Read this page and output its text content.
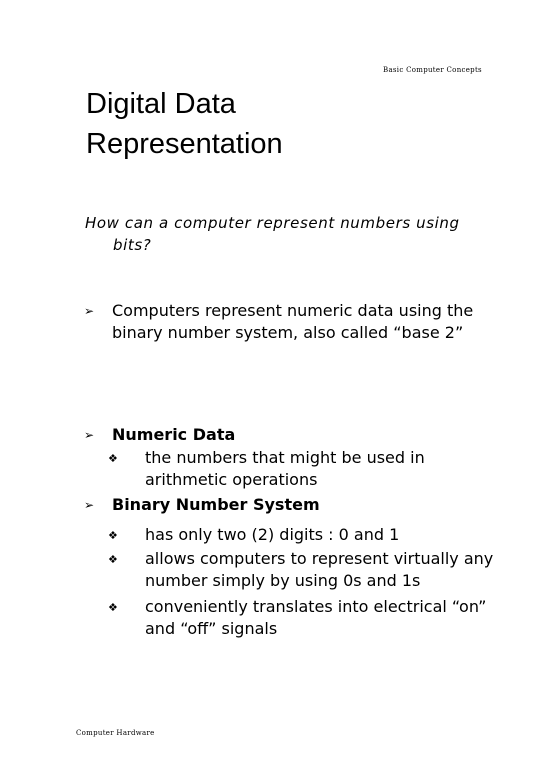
Basic Computer Concepts
Digital Data
Representation
How can a computer represent numbers using
bits?
➢ Computers represent numeric data using the
binary number system, also called “base 2”
➢ Numeric Data
❖ the numbers that might be used in
arithmetic operations
➢ Binary Number System
❖ has only two (2) digits : 0 and 1
❖ allows computers to represent virtually any
number simply by using 0s and 1s
❖ conveniently translates into electrical “on”
and “off” signals
Computer Hardware
